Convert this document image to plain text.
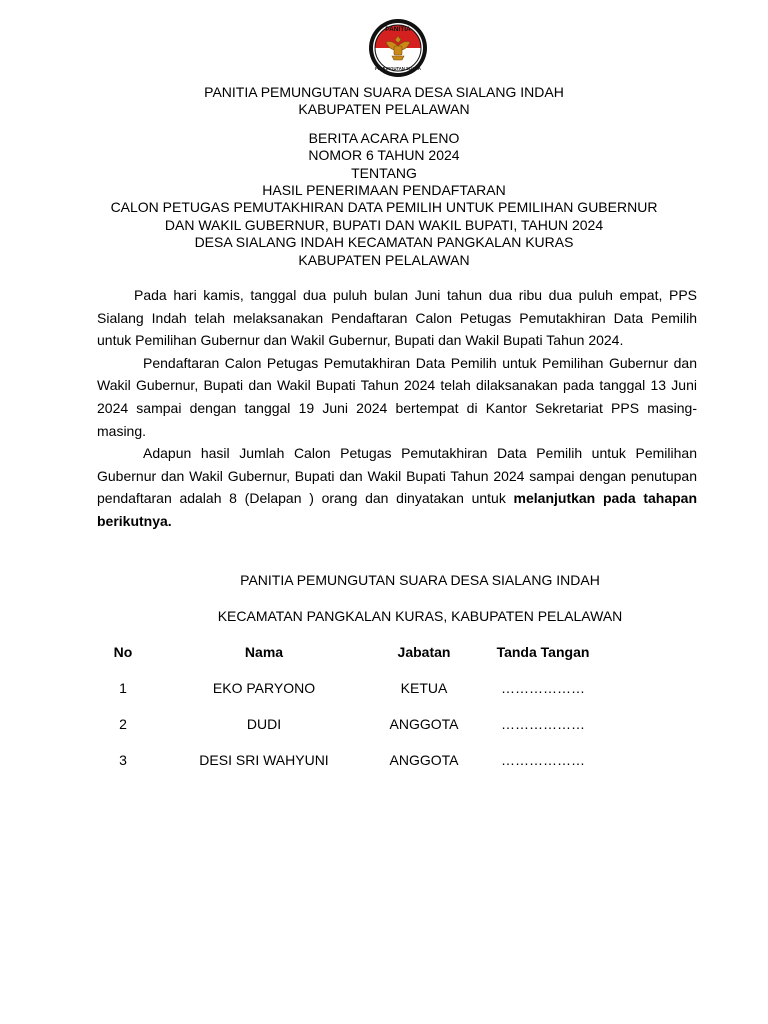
PANITIA
PEMUNGUTAN SUARA
PANITIA PEMUNGUTAN SUARA DESA SIALANG INDAH
KABUPATEN PELALAWAN
BERITA ACARA PLENO
NOMOR 6 TAHUN 2024
TENTANG
HASIL PENERIMAAN PENDAFTARAN
CALON PETUGAS PEMUTAKHIRAN DATA PEMILIH UNTUK PEMILIHAN GUBERNUR
DAN WAKIL GUBERNUR, BUPATI DAN WAKIL BUPATI, TAHUN 2024
DESA SIALANG INDAH KECAMATAN PANGKALAN KURAS
KABUPATEN PELALAWAN

Pada hari kamis, tanggal dua puluh bulan Juni tahun dua ribu dua puluh empat, PPS Sialang Indah telah melaksanakan Pendaftaran Calon Petugas Pemutakhiran Data Pemilih untuk Pemilihan Gubernur dan Wakil Gubernur, Bupati dan Wakil Bupati Tahun 2024.

Pendaftaran Calon Petugas Pemutakhiran Data Pemilih untuk Pemilihan Gubernur dan Wakil Gubernur, Bupati dan Wakil Bupati Tahun 2024 telah dilaksanakan pada tanggal 13 Juni 2024 sampai dengan tanggal 19 Juni 2024 bertempat di Kantor Sekretariat PPS masing- masing.

Adapun hasil Jumlah Calon Petugas Pemutakhiran Data Pemilih untuk Pemilihan Gubernur dan Wakil Gubernur, Bupati dan Wakil Bupati Tahun 2024 sampai dengan penutupan pendaftaran adalah 8 (Delapan ) orang dan dinyatakan untuk melanjutkan pada tahapan berikutnya.

PANITIA PEMUNGUTAN SUARA DESA SIALANG INDAH
KECAMATAN PANGKALAN KURAS, KABUPATEN PELALAWAN
No	Nama	Jabatan	Tanda Tangan
1	EKO PARYONO	KETUA	………………
2	DUDI	ANGGOTA	………………
3	DESI SRI WAHYUNI	ANGGOTA	………………
